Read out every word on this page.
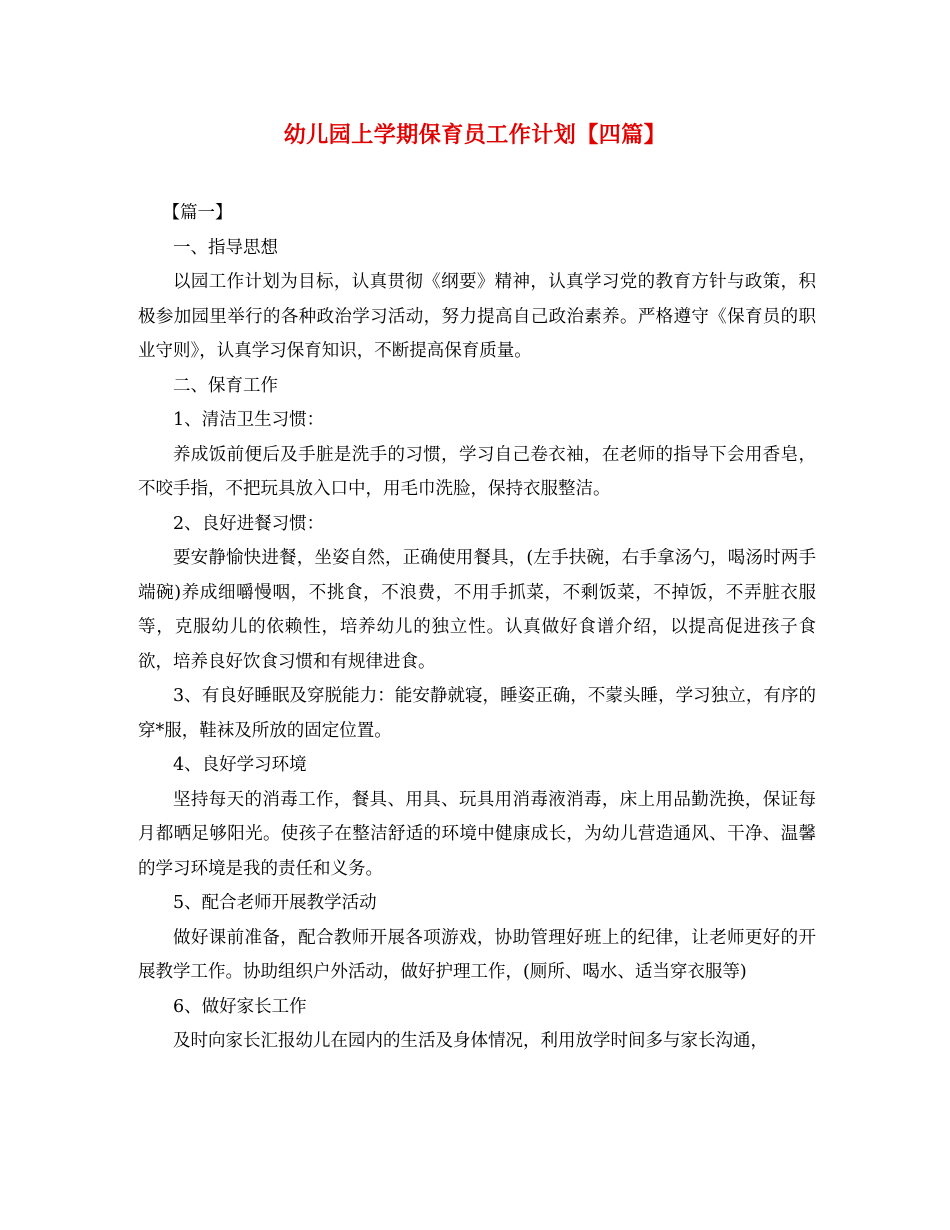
幼儿园上学期保育员工作计划【四篇】

【篇一】

一、指导思想

以园工作计划为目标，认真贯彻《纲要》精神，认真学习党的教育方针与政策，积极参加园里举行的各种政治学习活动，努力提高自己政治素养。严格遵守《保育员的职业守则》，认真学习保育知识，不断提高保育质量。

二、保育工作

1、清洁卫生习惯：

养成饭前便后及手脏是洗手的习惯，学习自己卷衣袖，在老师的指导下会用香皂，不咬手指，不把玩具放入口中，用毛巾洗脸，保持衣服整洁。

2、良好进餐习惯：

要安静愉快进餐，坐姿自然，正确使用餐具，(左手扶碗，右手拿汤勺，喝汤时两手端碗)养成细嚼慢咽，不挑食，不浪费，不用手抓菜，不剩饭菜，不掉饭，不弄脏衣服等，克服幼儿的依赖性，培养幼儿的独立性。认真做好食谱介绍，以提高促进孩子食欲，培养良好饮食习惯和有规律进食。

3、有良好睡眠及穿脱能力：能安静就寝，睡姿正确，不蒙头睡，学习独立，有序的穿*服，鞋袜及所放的固定位置。

4、良好学习环境

坚持每天的消毒工作，餐具、用具、玩具用消毒液消毒，床上用品勤洗换，保证每月都晒足够阳光。使孩子在整洁舒适的环境中健康成长，为幼儿营造通风、干净、温馨的学习环境是我的责任和义务。

5、配合老师开展教学活动

做好课前准备，配合教师开展各项游戏，协助管理好班上的纪律，让老师更好的开展教学工作。协助组织户外活动，做好护理工作，(厕所、喝水、适当穿衣服等)

6、做好家长工作

及时向家长汇报幼儿在园内的生活及身体情况，利用放学时间多与家长沟通，
